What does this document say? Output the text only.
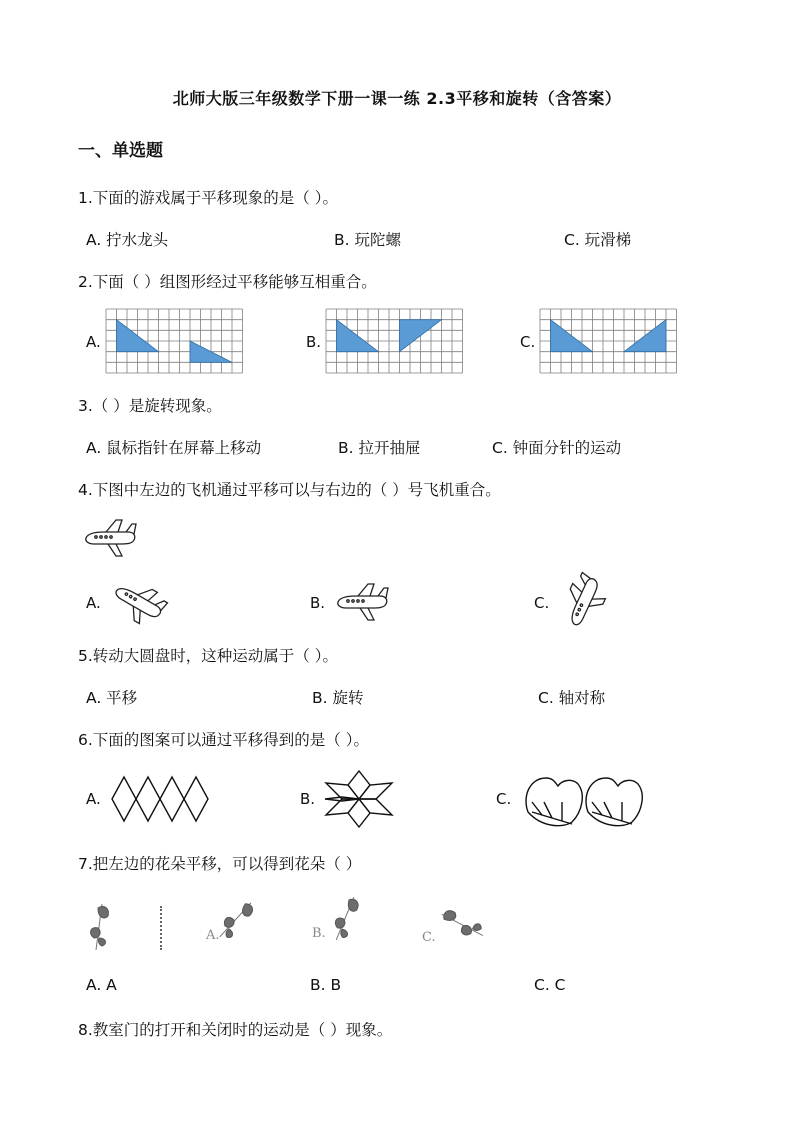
北师大版三年级数学下册一课一练 2.3平移和旋转（含答案）
一、单选题
1.下面的游戏属于平移现象的是（ ）。
A. 拧水龙头	B. 玩陀螺	C. 玩滑梯
2.下面（ ）组图形经过平移能够互相重合。
A.	B.	C.
3.（ ）是旋转现象。
A. 鼠标指针在屏幕上移动	B. 拉开抽屉	C. 钟面分针的运动
4.下图中左边的飞机通过平移可以与右边的（ ）号飞机重合。
A.	B.	C.
5.转动大圆盘时，这种运动属于（ ）。
A. 平移	B. 旋转	C. 轴对称
6.下面的图案可以通过平移得到的是（ ）。
A.	B.	C.
7.把左边的花朵平移，可以得到花朵（ ）
A.	B.	C.
A. A	B. B	C. C
8.教室门的打开和关闭时的运动是（ ）现象。
